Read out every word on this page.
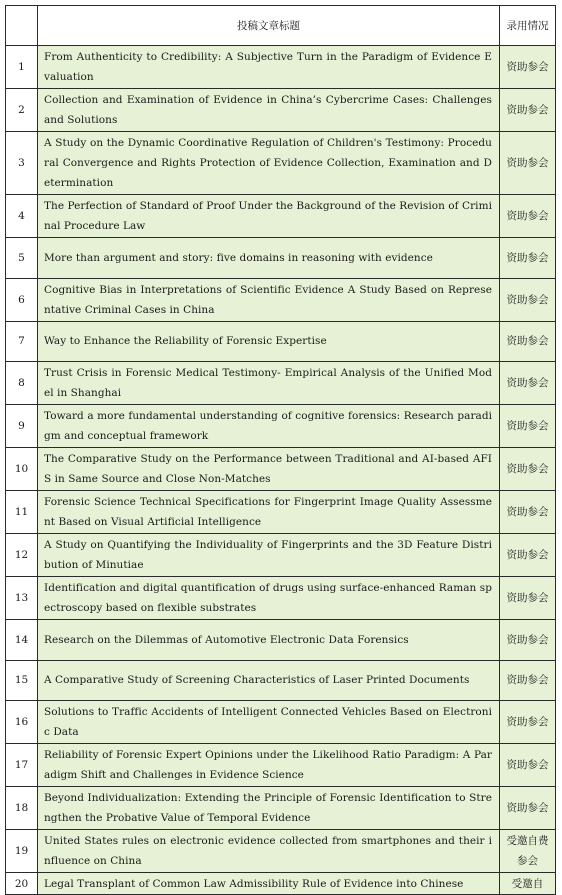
	投稿文章标题	录用情况
1	From Authenticity to Credibility: A Subjective Turn in the Paradigm of Evidence Evaluation	资助参会
2	Collection and Examination of Evidence in China’s Cybercrime Cases: Challenges and Solutions	资助参会
3	A Study on the Dynamic Coordinative Regulation of Children's Testimony: Procedural Convergence and Rights Protection of Evidence Collection, Examination and Determination	资助参会
4	The Perfection of Standard of Proof Under the Background of the Revision of Criminal Procedure Law	资助参会
5	More than argument and story: five domains in reasoning with evidence	资助参会
6	Cognitive Bias in Interpretations of Scientific Evidence A Study Based on Representative Criminal Cases in China	资助参会
7	Way to Enhance the Reliability of Forensic Expertise	资助参会
8	Trust Crisis in Forensic Medical Testimony- Empirical Analysis of the Unified Model in Shanghai	资助参会
9	Toward a more fundamental understanding of cognitive forensics: Research paradigm and conceptual framework	资助参会
10	The Comparative Study on the Performance between Traditional and AI-based AFIS in Same Source and Close Non-Matches	资助参会
11	Forensic Science Technical Specifications for Fingerprint Image Quality Assessment Based on Visual Artificial Intelligence	资助参会
12	A Study on Quantifying the Individuality of Fingerprints and the 3D Feature Distribution of Minutiae	资助参会
13	Identification and digital quantification of drugs using surface-enhanced Raman spectroscopy based on flexible substrates	资助参会
14	Research on the Dilemmas of Automotive Electronic Data Forensics	资助参会
15	A Comparative Study of Screening Characteristics of Laser Printed Documents	资助参会
16	Solutions to Traffic Accidents of Intelligent Connected Vehicles Based on Electronic Data	资助参会
17	Reliability of Forensic Expert Opinions under the Likelihood Ratio Paradigm: A Paradigm Shift and Challenges in Evidence Science	资助参会
18	Beyond Individualization: Extending the Principle of Forensic Identification to Strengthen the Probative Value of Temporal Evidence	资助参会
19	United States rules on electronic evidence collected from smartphones and their influence on China	受邀自费参会
20	Legal Transplant of Common Law Admissibility Rule of Evidence into Chinese	受邀自
